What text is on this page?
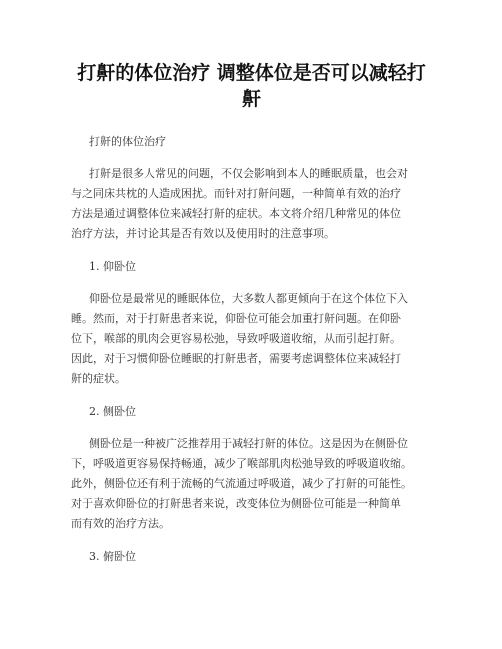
打鼾的体位治疗 调整体位是否可以减轻打
鼾
打鼾的体位治疗

打鼾是很多人常见的问题，不仅会影响到本人的睡眠质量，也会对
与之同床共枕的人造成困扰。而针对打鼾问题，一种简单有效的治疗
方法是通过调整体位来减轻打鼾的症状。本文将介绍几种常见的体位
治疗方法，并讨论其是否有效以及使用时的注意事项。

1. 仰卧位

仰卧位是最常见的睡眠体位，大多数人都更倾向于在这个体位下入
睡。然而，对于打鼾患者来说，仰卧位可能会加重打鼾问题。在仰卧
位下，喉部的肌肉会更容易松弛，导致呼吸道收缩，从而引起打鼾。
因此，对于习惯仰卧位睡眠的打鼾患者，需要考虑调整体位来减轻打
鼾的症状。

2. 侧卧位

侧卧位是一种被广泛推荐用于减轻打鼾的体位。这是因为在侧卧位
下，呼吸道更容易保持畅通，减少了喉部肌肉松弛导致的呼吸道收缩。
此外，侧卧位还有利于流畅的气流通过呼吸道，减少了打鼾的可能性。
对于喜欢仰卧位的打鼾患者来说，改变体位为侧卧位可能是一种简单
而有效的治疗方法。

3. 俯卧位
